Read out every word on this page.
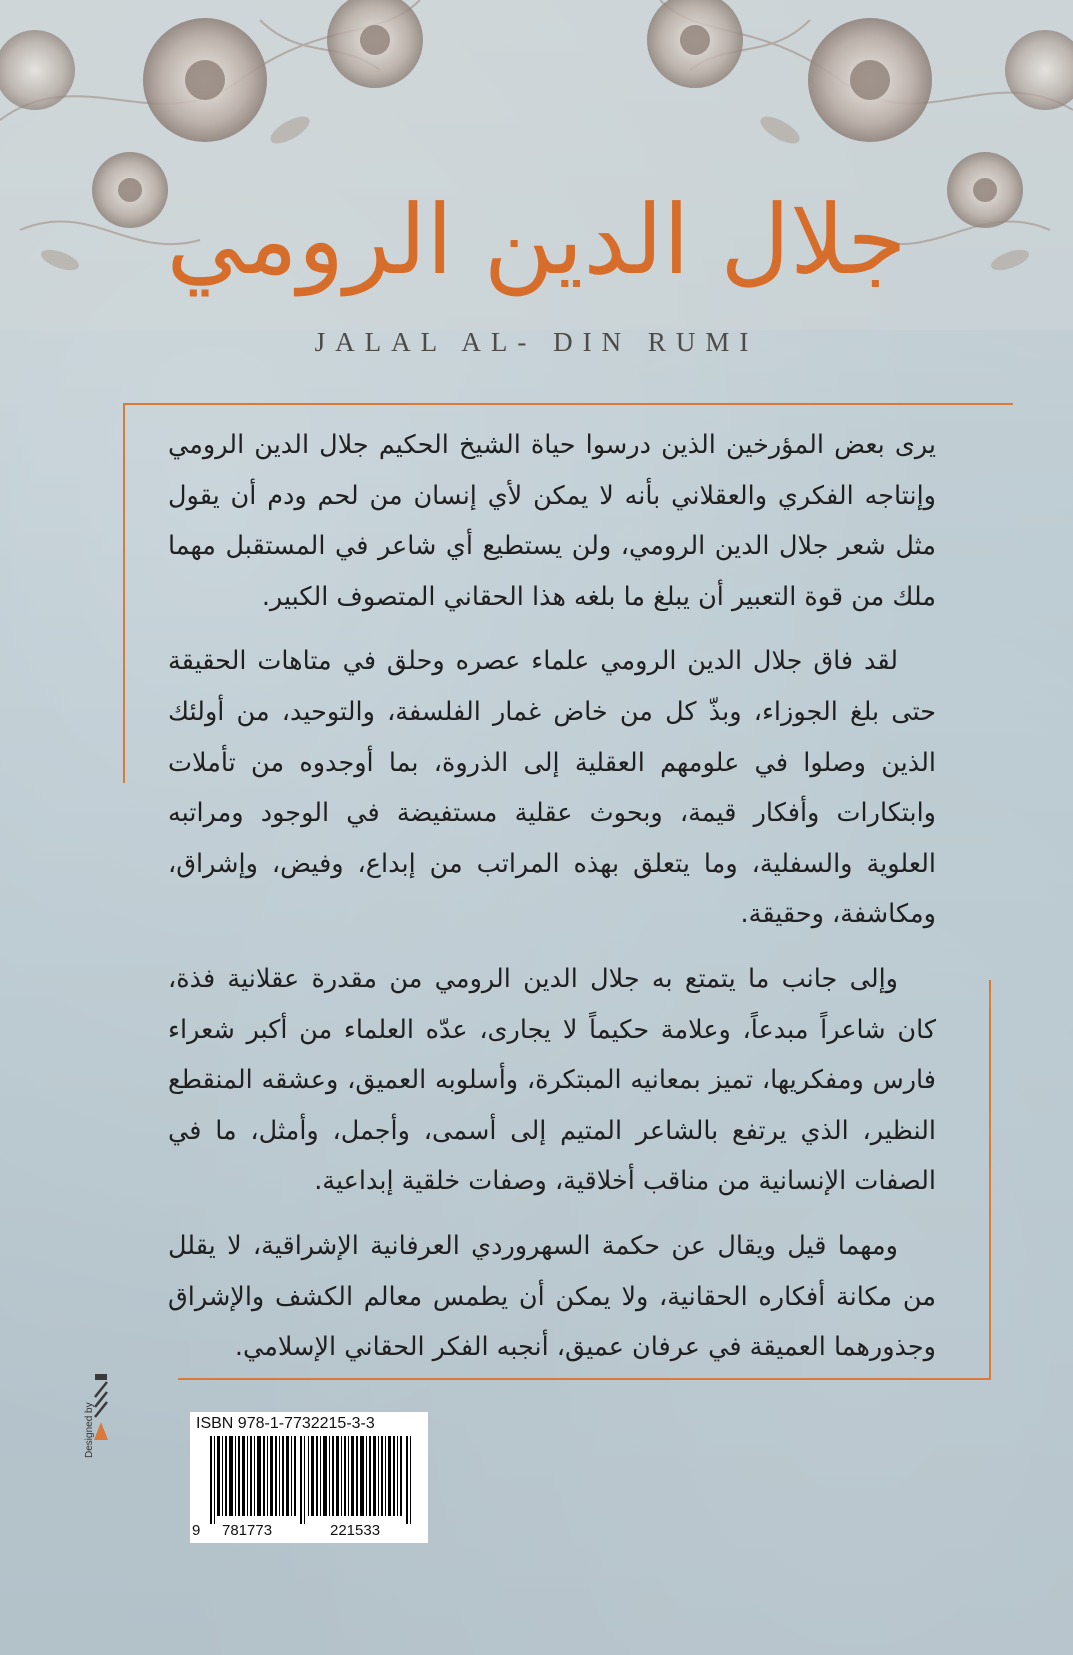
جلال الدين الرومي
JALAL AL- DIN RUMI

يرى بعض المؤرخين الذين درسوا حياة الشيخ الحكيم جلال الدين الرومي وإنتاجه الفكري والعقلاني بأنه لا يمكن لأي إنسان من لحم ودم أن يقول مثل شعر جلال الدين الرومي، ولن يستطيع أي شاعر في المستقبل مهما ملك من قوة التعبير أن يبلغ ما بلغه هذا الحقاني المتصوف الكبير.

لقد فاق جلال الدين الرومي علماء عصره وحلق في متاهات الحقيقة حتى بلغ الجوزاء، وبذّ كل من خاض غمار الفلسفة، والتوحيد، من أولئك الذين وصلوا في علومهم العقلية إلى الذروة، بما أوجدوه من تأملات وابتكارات وأفكار قيمة، وبحوث عقلية مستفيضة في الوجود ومراتبه العلوية والسفلية، وما يتعلق بهذه المراتب من إبداع، وفيض، وإشراق، ومكاشفة، وحقيقة.

وإلى جانب ما يتمتع به جلال الدين الرومي من مقدرة عقلانية فذة، كان شاعراً مبدعاً، وعلامة حكيماً لا يجارى، عدّه العلماء من أكبر شعراء فارس ومفكريها، تميز بمعانيه المبتكرة، وأسلوبه العميق، وعشقه المنقطع النظير، الذي يرتفع بالشاعر المتيم إلى أسمى، وأجمل، وأمثل، ما في الصفات الإنسانية من مناقب أخلاقية، وصفات خلقية إبداعية.

ومهما قيل ويقال عن حكمة السهروردي العرفانية الإشراقية، لا يقلل من مكانة أفكاره الحقانية، ولا يمكن أن يطمس معالم الكشف والإشراق وجذورهما العميقة في عرفان عميق، أنجبه الفكر الحقاني الإسلامي.

Designed by	ISBN 978-1-7732215-3-3
9 781773	221533
